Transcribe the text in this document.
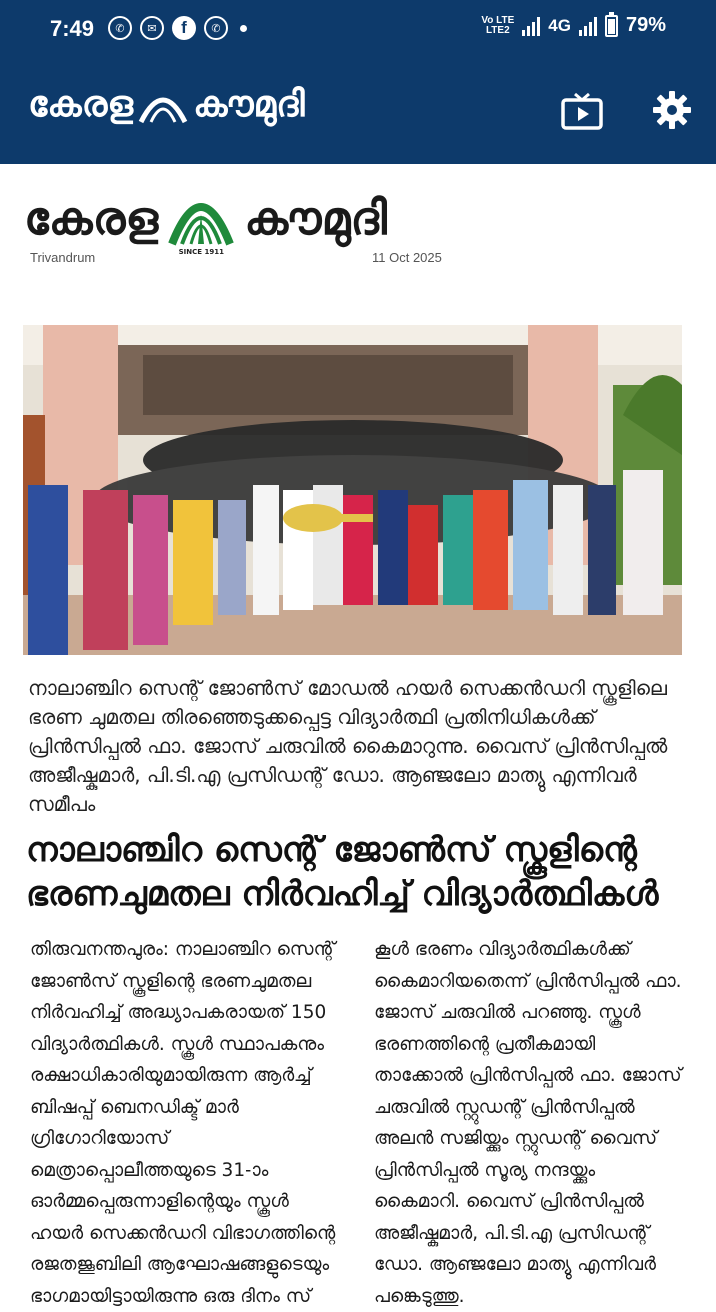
7:49	✆	✉	f	✆
Vo LTE
LTE2 4G	79%
കേരള കൗമുദി
കേരള
SINCE 1911
കൗമുദി
Trivandrum	11 Oct 2025
നാലാഞ്ചിറ സെന്റ് ജോൺസ് മോഡൽ ഹയർ സെക്കൻഡറി സ്കൂളിലെ ഭരണ ചുമതല തിരഞ്ഞെടുക്കപ്പെട്ട വിദ്യാർത്ഥി പ്രതിനിധികൾക്ക് പ്രിൻസിപ്പൽ ഫാ. ജോസ് ചരുവിൽ കൈമാറുന്നു. വൈസ് പ്രിൻസിപ്പൽ അജീഷ്കുമാർ, പി.ടി.എ പ്രസിഡന്റ് ഡോ. ആഞ്ജലോ മാത്യു എന്നിവർ സമീപം
നാലാഞ്ചിറ സെന്റ് ജോൺസ് സ്കൂളിന്റെ ഭരണചുമതല നിർവഹിച്ച് വിദ്യാർത്ഥികൾ
തിരുവനന്തപുരം: നാലാഞ്ചിറ സെന്റ് ജോൺസ് സ്കൂളിന്റെ ഭരണചുമതല നിർവഹിച്ച് അദ്ധ്യാപകരായത് 150 വിദ്യാർത്ഥികൾ. സ്കൂൾ സ്ഥാപകനും രക്ഷാധികാരിയുമായിരുന്ന ആർച്ച് ബിഷപ്പ് ബെനഡിക്ട് മാർ ഗ്രിഗോറിയോസ് മെത്രാപ്പൊലീത്തയുടെ 31-ാം ഓർമ്മപ്പെരുന്നാളിന്റെയും സ്കൂൾ ഹയർ സെക്കൻഡറി വിഭാഗത്തിന്റെ രജതജൂബിലി ആഘോഷങ്ങളുടെയും ഭാഗമായിട്ടായിരുന്നു ഒരു ദിനം സ്
കൂൾ ഭരണം വിദ്യാർത്ഥികൾക്ക് കൈമാറിയതെന്ന് പ്രിൻസിപ്പൽ ഫാ. ജോസ് ചരുവിൽ പറഞ്ഞു. സ്കൂൾ ഭരണത്തിന്റെ പ്രതീകമായി താക്കോൽ പ്രിൻസിപ്പൽ ഫാ. ജോസ് ചരുവിൽ സ്റ്റുഡന്റ് പ്രിൻസിപ്പൽ അലൻ സജിയ്ക്കും സ്റ്റുഡന്റ് വൈസ് പ്രിൻസിപ്പൽ സൂര്യ നന്ദയ്ക്കും കൈമാറി. വൈസ് പ്രിൻസിപ്പൽ അജീഷ്കുമാർ, പി.ടി.എ പ്രസിഡന്റ് ഡോ. ആഞ്ജലോ മാത്യു എന്നിവർ പങ്കെടുത്തു.
